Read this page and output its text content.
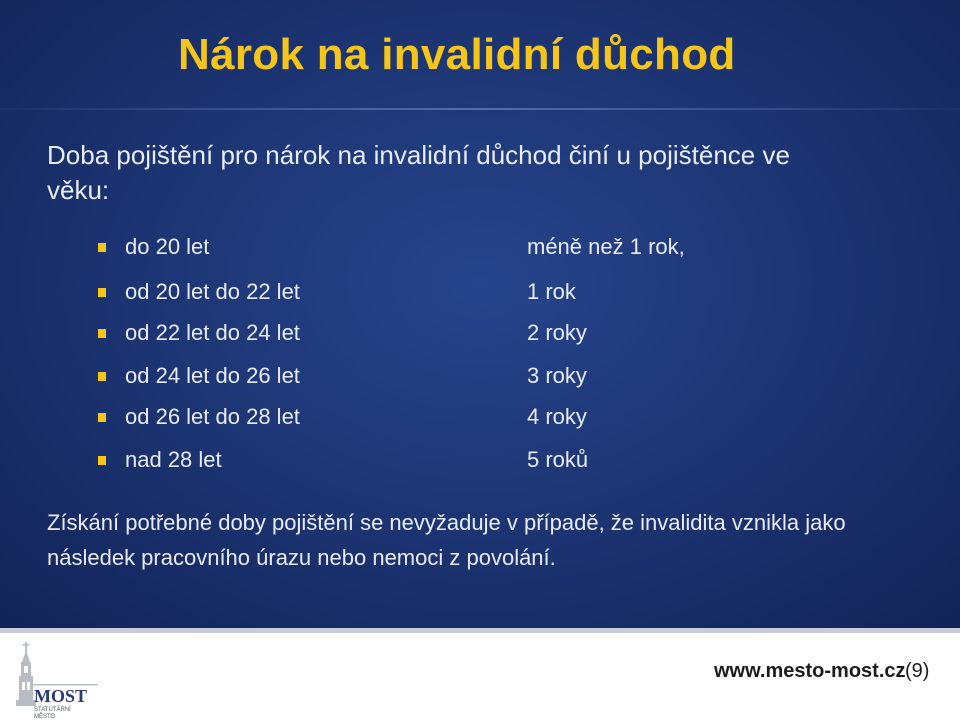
Nárok na invalidní důchod
Doba pojištění pro nárok na invalidní důchod činí u pojištěnce ve věku:
do 20 let	méně než 1 rok,
od 20 let do 22 let	1 rok
od 22 let do 24 let	2 roky
od 24 let do 26 let	3 roky
od 26 let do 28 let	4 roky
nad 28 let	5 roků
Získání potřebné doby pojištění se nevyžaduje v případě, že invalidita vznikla jako následek pracovního úrazu nebo nemoci z povolání.
MOST
STATUTÁRNÍ
MĚSTO
www.mesto-most.cz (9)
